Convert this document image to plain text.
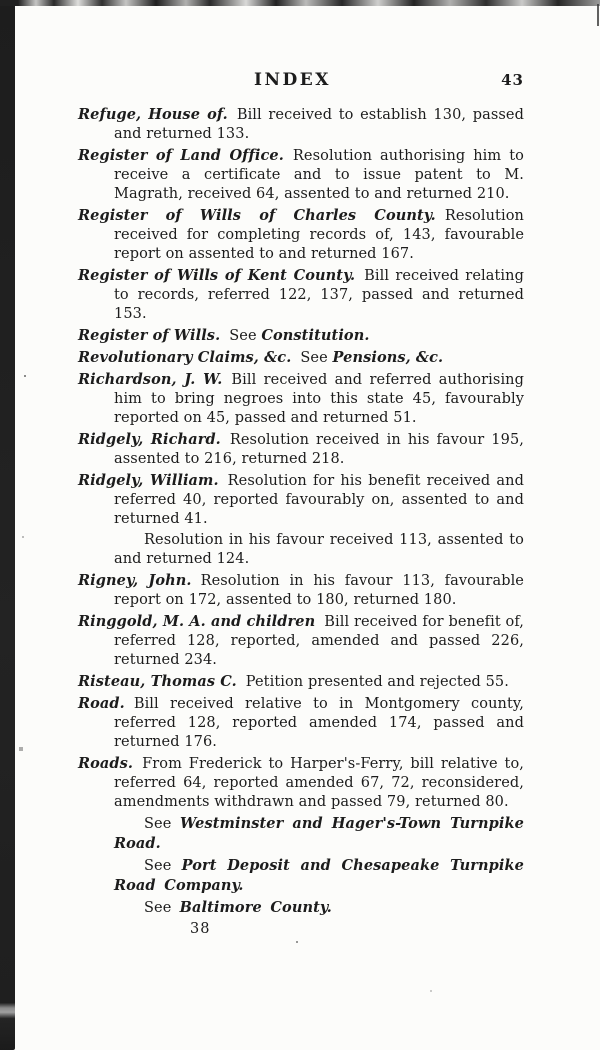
INDEX	43

Refuge, House of. Bill received to establish 130, passed and returned 133.

Register of Land Office. Resolution authorising him to receive a certificate and to issue patent to M. Magrath, received 64, assented to and returned 210.

Register of Wills of Charles County. Resolution received for completing records of, 143, favourable report on assented to and returned 167.

Register of Wills of Kent County. Bill received relating to records, referred 122, 137, passed and returned 153.

Register of Wills. See Constitution.

Revolutionary Claims, &c. See Pensions, &c.

Richardson, J. W. Bill received and referred authorising him to bring negroes into this state 45, favourably reported on 45, passed and returned 51.

Ridgely, Richard. Resolution received in his favour 195, assented to 216, returned 218.

Ridgely, William. Resolution for his benefit received and referred 40, reported favourably on, assented to and returned 41.

Resolution in his favour received 113, assented to and returned 124.

Rigney, John. Resolution in his favour 113, favourable report on 172, assented to 180, returned 180.

Ringgold, M. A. and children Bill received for benefit of, referred 128, reported, amended and passed 226, returned 234.

Risteau, Thomas C. Petition presented and rejected 55.

Road. Bill received relative to in Montgomery county, referred 128, reported amended 174, passed and returned 176.

Roads. From Frederick to Harper's-Ferry, bill relative to, referred 64, reported amended 67, 72, reconsidered, amendments withdrawn and passed 79, returned 80.

See Westminster and Hager's-Town Turnpike Road.

See Port Deposit and Chesapeake Turnpike Road Company.

See Baltimore County.

38
